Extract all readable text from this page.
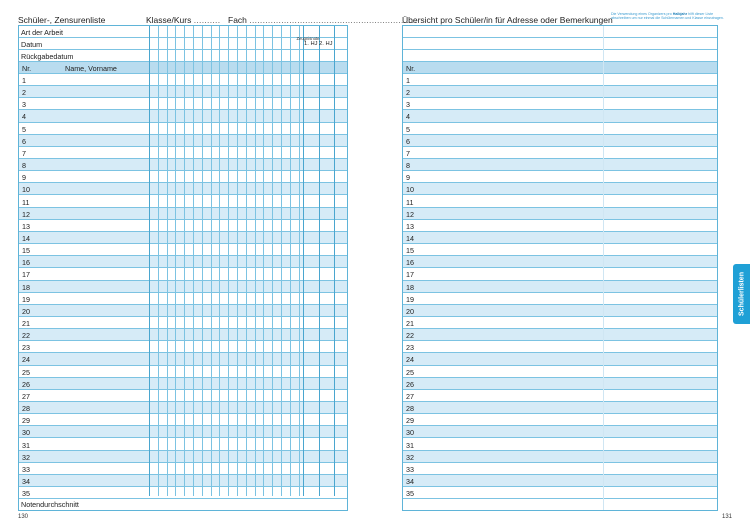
Schüler-, Zensurenliste	Klasse/Kurs .......... Fach ...............................................................
Art der Arbeit
Datum
Rückgabedatum
Nr.	Name, Vorname
1
2
3
4
5
6
7
8
9
10
11
12
13
14
15
16
17
18
19
20
21
22
23
24
25
26
27
28
29
30
31
32
33
34
35
Notendurchschnitt
Zeugnisnote
1. HJ 2. HJ
130
Übersicht pro Schüler/in für Adresse oder Bemerkungen
Die Verwendung eines Organizers pro Halbjahr hilft dieser Liste abschreiben um nur einmal die Schülernamen und Klasse einzutragen.
Nr.
1
2
3
4
5
6
7
8
9
10
11
12
13
14
15
16
17
18
19
20
21
22
23
24
25
26
27
28
29
30
31
32
33
34
35
Schülerlisten
131
